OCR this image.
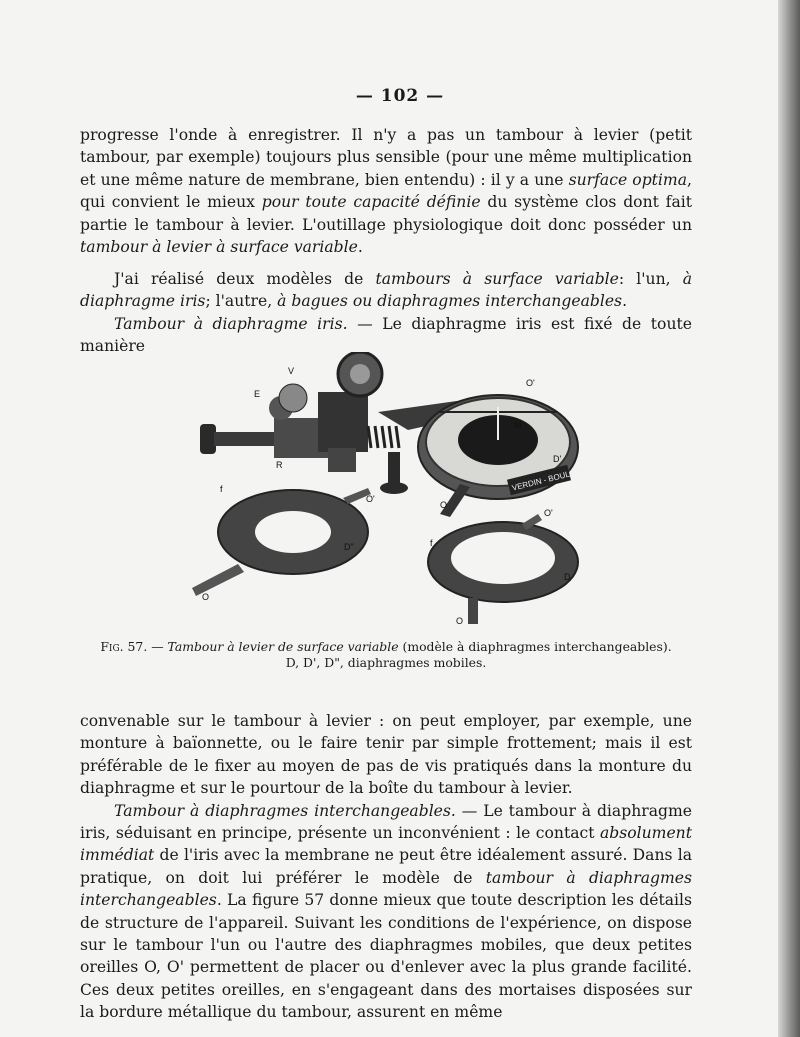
— 102 —

progresse l'onde à enregistrer. Il n'y a pas un tambour à levier (petit tambour, par exemple) toujours plus sensible (pour une même multiplication et une même nature de membrane, bien entendu) : il y a une surface optima, qui convient le mieux pour toute capacité définie du système clos dont fait partie le tambour à levier. L'outillage physiologique doit donc posséder un tambour à levier à surface variable.

J'ai réalisé deux modèles de tambours à surface variable: l'un, à diaphragme iris; l'autre, à bagues ou diaphragmes interchangeables.
Tambour à diaphragme iris. — Le diaphragme iris est fixé de toute manière
VERDIN - BOULITTE
E
V
R
M
O'
D'
O
f
O'
D"
O
O'
f
D
O
Fig. 57. — Tambour à levier de surface variable (modèle à diaphragmes interchangeables).
D, D', D", diaphragmes mobiles.
convenable sur le tambour à levier : on peut employer, par exemple, une monture à baïonnette, ou le faire tenir par simple frottement; mais il est préférable de le fixer au moyen de pas de vis pratiqués dans la monture du diaphragme et sur le pourtour de la boîte du tambour à levier.
Tambour à diaphragmes interchangeables. — Le tambour à diaphragme iris, séduisant en principe, présente un inconvénient : le contact absolument immédiat de l'iris avec la membrane ne peut être idéalement assuré. Dans la pratique, on doit lui préférer le modèle de tambour à diaphragmes interchangeables. La figure 57 donne mieux que toute description les détails de structure de l'appareil. Suivant les conditions de l'expérience, on dispose sur le tambour l'un ou l'autre des diaphragmes mobiles, que deux petites oreilles O, O' permettent de placer ou d'enlever avec la plus grande facilité. Ces deux petites oreilles, en s'engageant dans des mortaises disposées sur la bordure métallique du tambour, assurent en même
